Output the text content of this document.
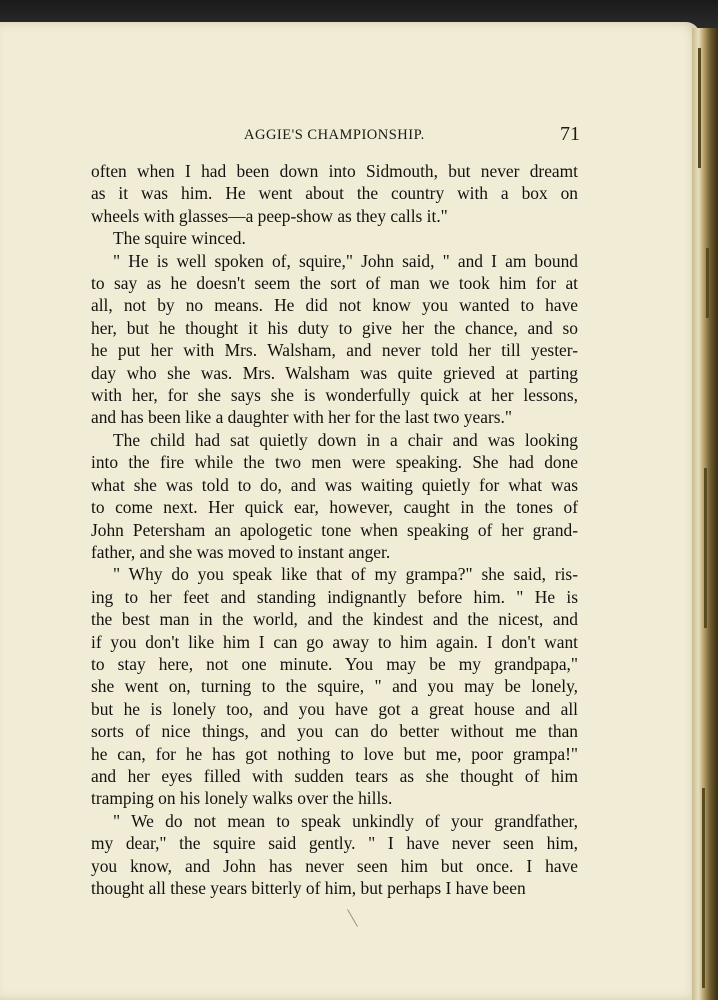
AGGIE'S CHAMPIONSHIP.	71

often when I had been down into Sidmouth, but never dreamt

as it was him. He went about the country with a box on

wheels with glasses—a peep-show as they calls it."

The squire winced.

" He is well spoken of, squire," John said, " and I am bound

to say as he doesn't seem the sort of man we took him for at

all, not by no means. He did not know you wanted to have

her, but he thought it his duty to give her the chance, and so

he put her with Mrs. Walsham, and never told her till yester-

day who she was. Mrs. Walsham was quite grieved at parting

with her, for she says she is wonderfully quick at her lessons,

and has been like a daughter with her for the last two years."

The child had sat quietly down in a chair and was looking

into the fire while the two men were speaking. She had done

what she was told to do, and was waiting quietly for what was

to come next. Her quick ear, however, caught in the tones of

John Petersham an apologetic tone when speaking of her grand-

father, and she was moved to instant anger.

" Why do you speak like that of my grampa?" she said, ris-

ing to her feet and standing indignantly before him. " He is

the best man in the world, and the kindest and the nicest, and

if you don't like him I can go away to him again. I don't want

to stay here, not one minute. You may be my grandpapa,"

she went on, turning to the squire, " and you may be lonely,

but he is lonely too, and you have got a great house and all

sorts of nice things, and you can do better without me than

he can, for he has got nothing to love but me, poor grampa!"

and her eyes filled with sudden tears as she thought of him

tramping on his lonely walks over the hills.

" We do not mean to speak unkindly of your grandfather,

my dear," the squire said gently. " I have never seen him,

you know, and John has never seen him but once. I have

thought all these years bitterly of him, but perhaps I have been
